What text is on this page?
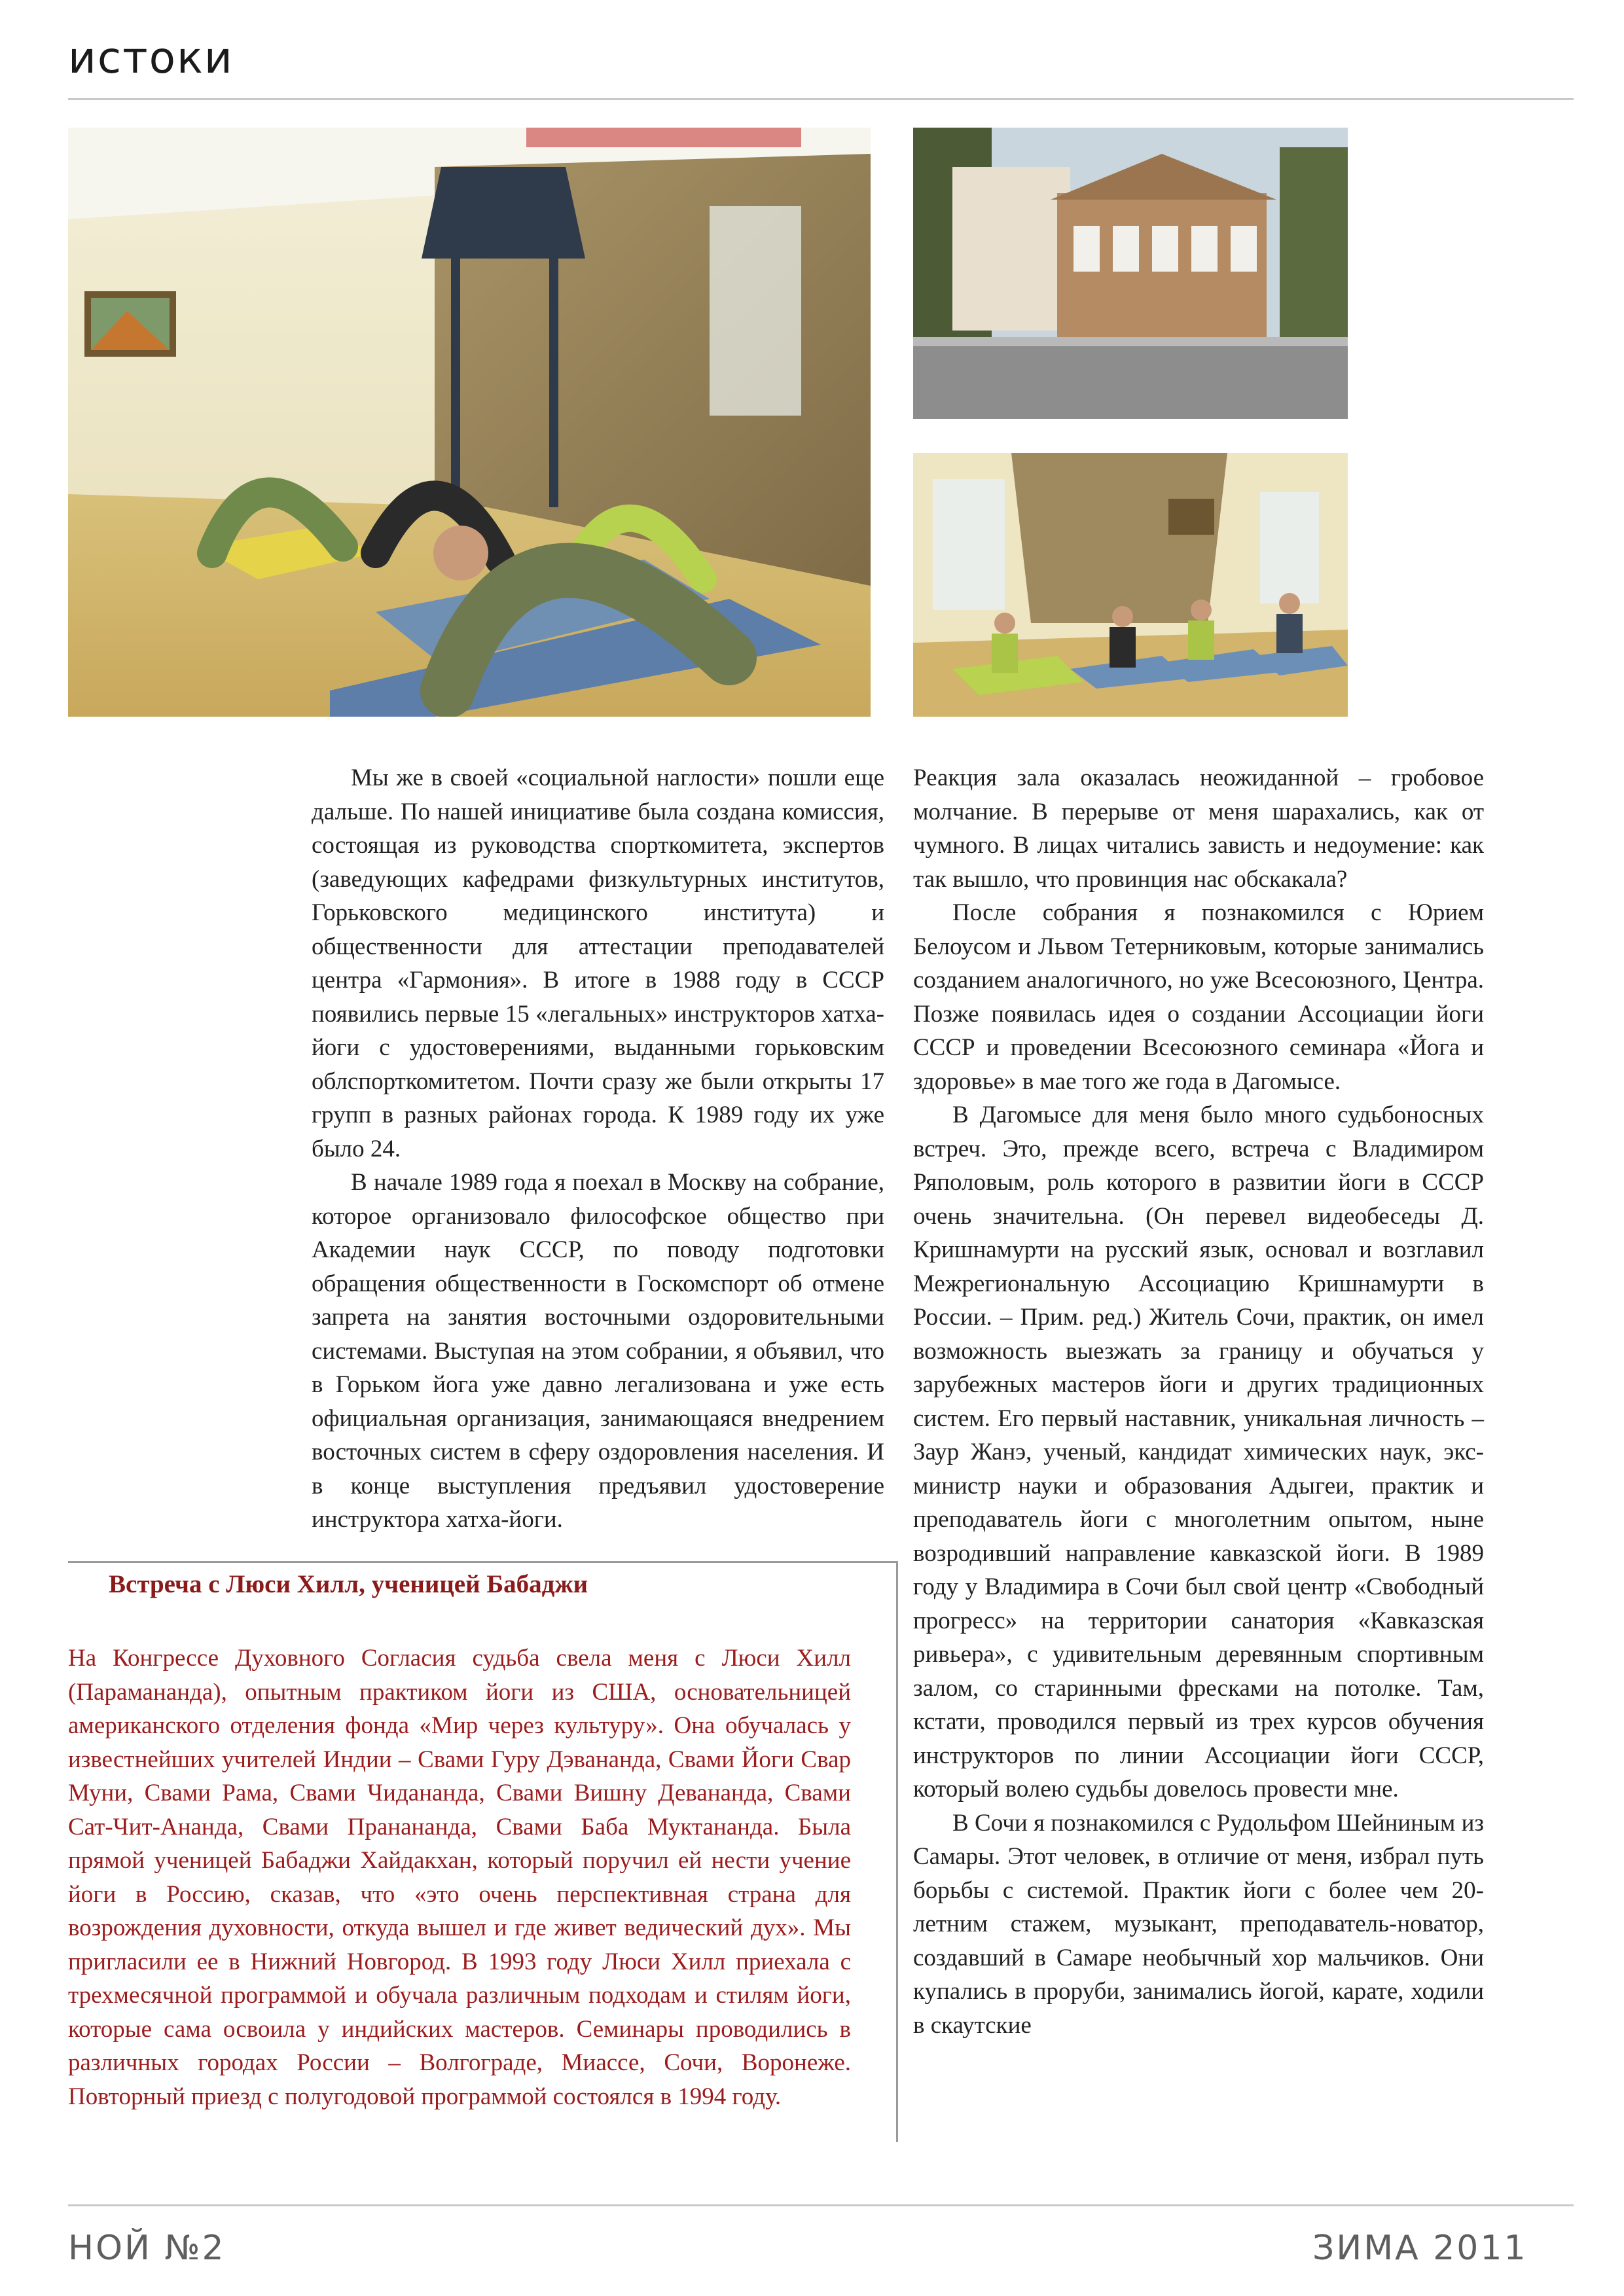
истоки

Мы же в своей «социальной наглости» пошли еще дальше. По нашей инициативе была создана комиссия, состоящая из руководства спорткомитета, экспертов (заведующих кафедрами физкультурных институтов, Горьковского медицинского института) и общественности для аттестации преподавателей центра «Гармония». В итоге в 1988 году в СССР появились первые 15 «легальных» инструкторов хатха-йоги с удостоверениями, выданными горьковским облспорткомитетом. Почти сразу же были открыты 17 групп в разных районах города. К 1989 году их уже было 24.

В начале 1989 года я поехал в Москву на собрание, которое организовало философское общество при Академии наук СССР, по поводу подготовки обращения общественности в Госкомспорт об отмене запрета на занятия восточными оздоровительными системами. Выступая на этом собрании, я объявил, что в Горьком йога уже давно легализована и уже есть официальная организация, занимающаяся внедрением восточных систем в сферу оздоровления населения. И в конце выступления предъявил удостоверение инструктора хатха-йоги.

Реакция зала оказалась неожиданной – гробовое молчание. В перерыве от меня шарахались, как от чумного. В лицах читались зависть и недоумение: как так вышло, что провинция нас обскакала?

После собрания я познакомился с Юрием Белоусом и Львом Тетерниковым, которые занимались созданием аналогичного, но уже Всесоюзного, Центра. Позже появилась идея о создании Ассоциации йоги СССР и проведении Всесоюзного семинара «Йога и здоровье» в мае того же года в Дагомысе.

В Дагомысе для меня было много судьбоносных встреч. Это, прежде всего, встреча с Владимиром Ряполовым, роль которого в развитии йоги в СССР очень значительна. (Он перевел видеобеседы Д. Кришнамурти на русский язык, основал и возглавил Межрегиональную Ассоциацию Кришнамурти в России. – Прим. ред.) Житель Сочи, практик, он имел возможность выезжать за границу и обучаться у зарубежных мастеров йоги и других традиционных систем. Его первый наставник, уникальная личность – Заур Жанэ, ученый, кандидат химических наук, экс-министр науки и образования Адыгеи, практик и преподаватель йоги с многолетним опытом, ныне возродивший направление кавказской йоги. В 1989 году у Владимира в Сочи был свой центр «Свободный прогресс» на территории санатория «Кавказская ривьера», с удивительным деревянным спортивным залом, со старинными фресками на потолке. Там, кстати, проводился первый из трех курсов обучения инструкторов по линии Ассоциации йоги СССР, который волею судьбы довелось провести мне.

В Сочи я познакомился с Рудольфом Шейниным из Самары. Этот человек, в отличие от меня, избрал путь борьбы с системой. Практик йоги с более чем 20-летним стажем, музыкант, преподаватель-новатор, создавший в Самаре необычный хор мальчиков. Они купались в проруби, занимались йогой, карате, ходили в скаутские

Встреча с Люси Хилл, ученицей Бабаджи
На Конгрессе Духовного Согласия судьба свела меня с Люси Хилл (Парамананда), опытным практиком йоги из США, основательницей американского отделения фонда «Мир через культуру». Она обучалась у известнейших учителей Индии – Свами Гуру Дэвананда, Свами Йоги Свар Муни, Свами Рама, Свами Чидананда, Свами Вишну Девананда, Свами Сат-Чит-Ананда, Свами Пранананда, Свами Баба Муктананда. Была прямой ученицей Бабаджи Хайдакхан, который поручил ей нести учение йоги в Россию, сказав, что «это очень перспективная страна для возрождения духовности, откуда вышел и где живет ведический дух». Мы пригласили ее в Нижний Новгород. В 1993 году Люси Хилл приехала с трехмесячной программой и обучала различным подходам и стилям йоги, которые сама освоила у индийских мастеров. Семинары проводились в различных городах России – Волгограде, Миассе, Сочи, Воронеже. Повторный приезд с полугодовой программой состоялся в 1994 году.
НОЙ №2	ЗИМА 2011
